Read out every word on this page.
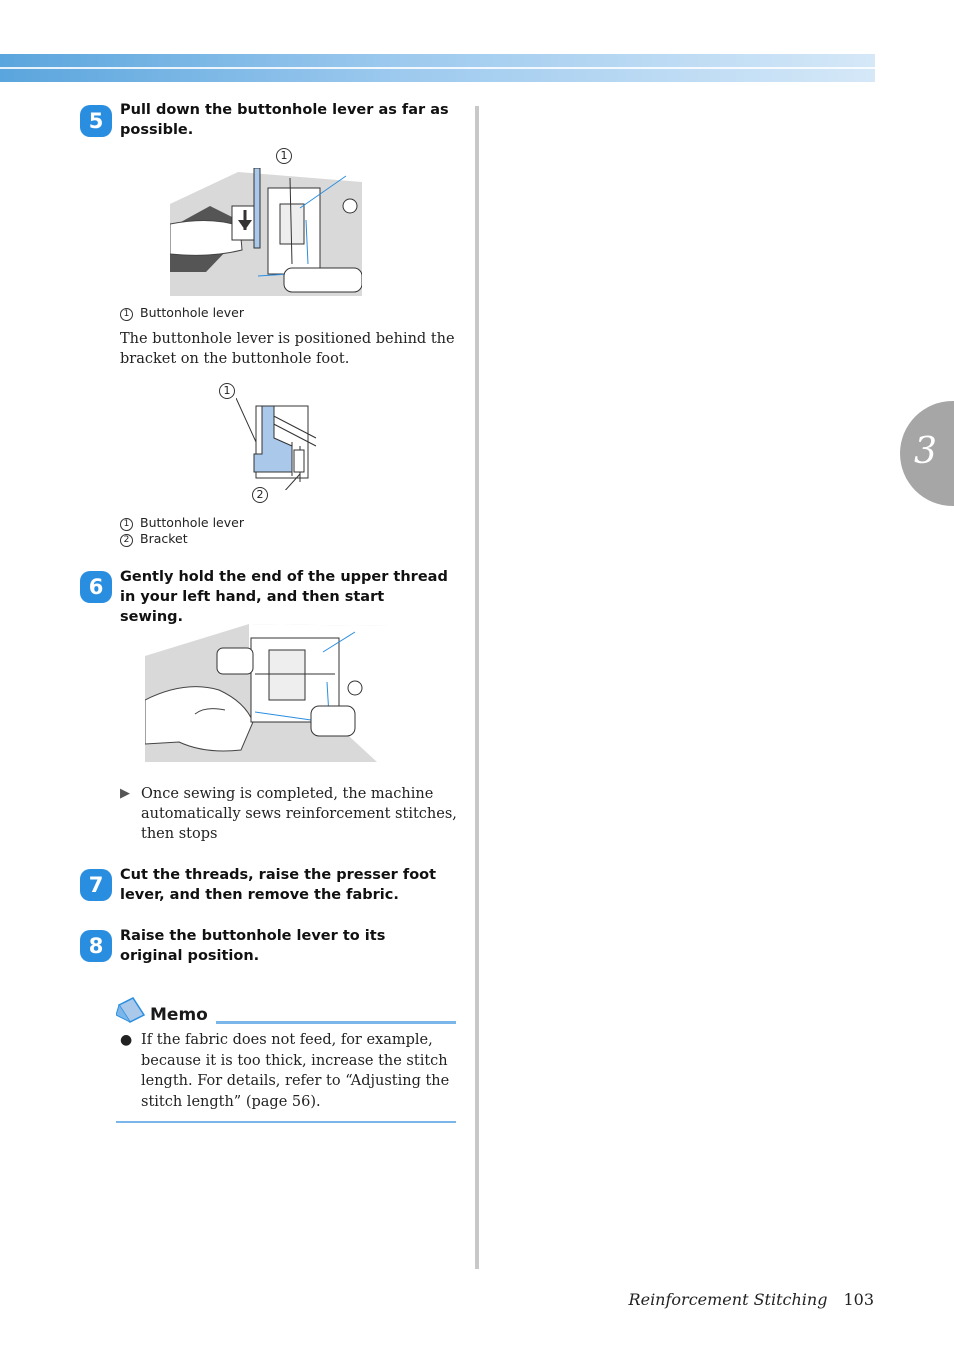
3
5	Pull down the buttonhole lever as far as possible.
1
1 Buttonhole lever
The buttonhole lever is positioned behind the bracket on the buttonhole foot.
1
2
1 Buttonhole lever
2 Bracket
6	Gently hold the end of the upper thread in your left hand, and then start sewing.
▶ Once sewing is completed, the machine automatically sews reinforcement stitches, then stops
7	Cut the threads, raise the presser foot lever, and then remove the fabric.
8	Raise the buttonhole lever to its original position.
Memo
● If the fabric does not feed, for example, because it is too thick, increase the stitch length. For details, refer to “Adjusting the stitch length” (page 56).
Reinforcement Stitching 103
